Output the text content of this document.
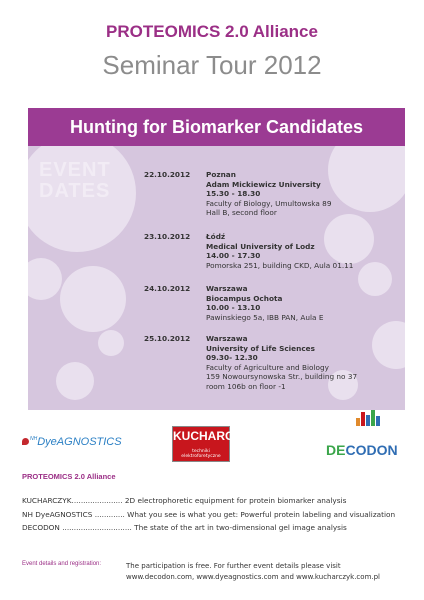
PROTEOMICS 2.0 Alliance
Seminar Tour 2012
Hunting for Biomarker Candidates
EVENT
DATES
22.10.2012 Poznan
Adam Mickiewicz University
15.30 - 18.30
Faculty of Biology, Umultowska 89
Hall B, second floor
23.10.2012 Łódź
Medical University of Lodz
14.00 - 17.30
Pomorska 251, building CKD, Aula 01.11
24.10.2012 Warszawa
Biocampus Ochota
10.00 - 13.10
Pawinskiego 5a, IBB PAN, Aula E
25.10.2012 Warszawa
University of Life Sciences
09.30- 12.30
Faculty of Agriculture and Biology
159 Nowoursynowska Str., building no 37
room 106b on floor -1
$^{NH}$DyeAGNOSTICS	KUCHARCZYK
techniki elektroforetyczne	DECODON
PROTEOMICS 2.0 Alliance
KUCHARCZYK...................... 2D electrophoretic equipment for protein biomarker analysis
NH DyeAGNOSTICS ............. What you see is what you get: Powerful protein labeling and visualization
DECODON .............................. The state of the art in two-dimensional gel image analysis
Event details and registration:	The participation is free. For further event details please visit
www.decodon.com, www.dyeagnostics.com and www.kucharczyk.com.pl
